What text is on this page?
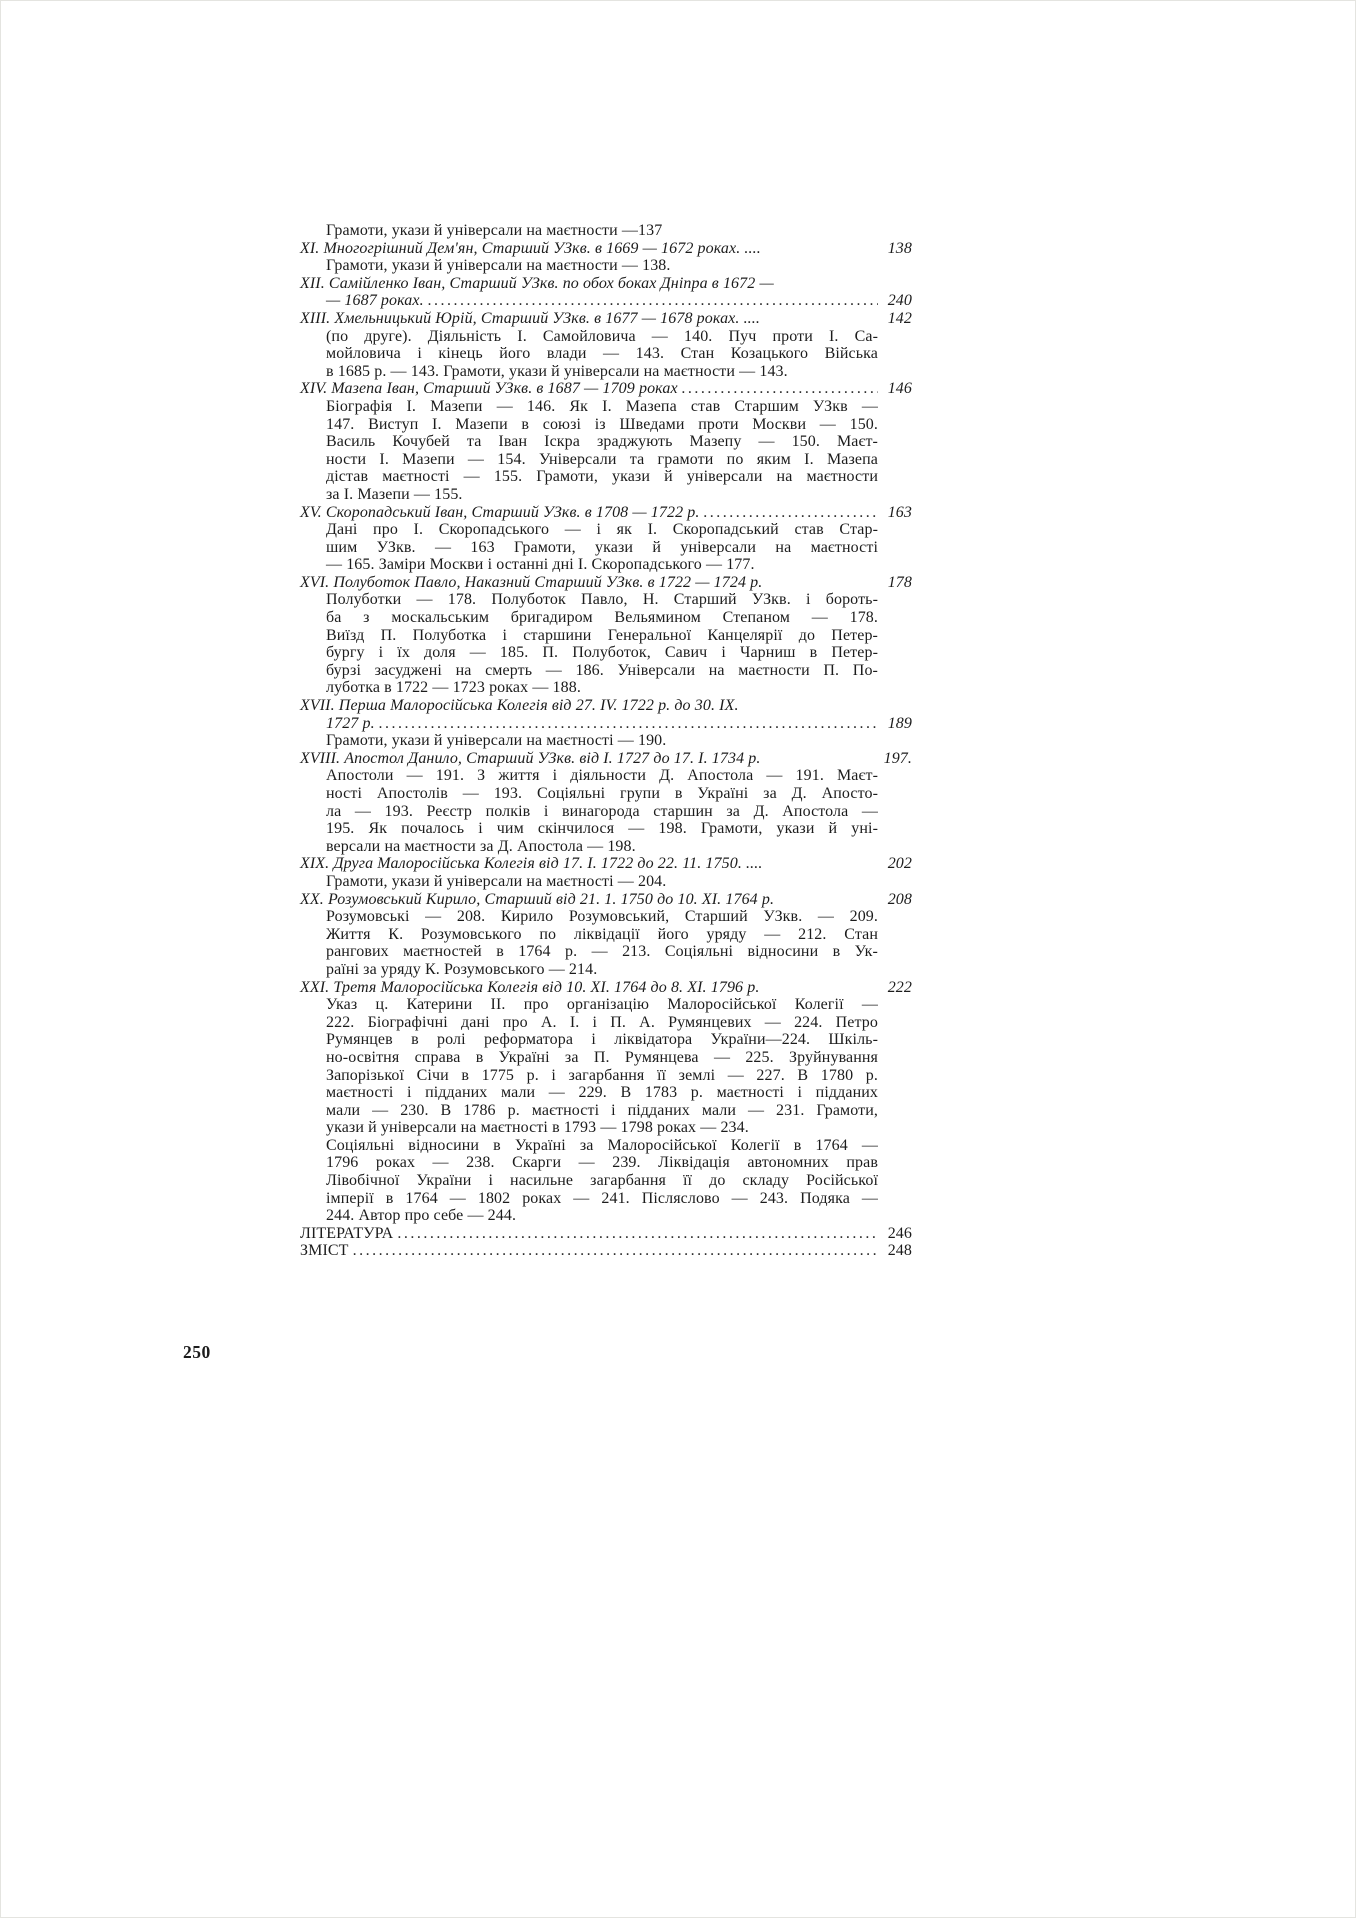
Грамоти, укази й універсали на маєтности —137
XI. Многогрішний Дем'ян, Старший УЗкв. в 1669 — 1672 роках. ....	138
Грамоти, укази й універсали на маєтности — 138.
XII. Самійленко Іван, Старший УЗкв. по обох боках Дніпра в 1672 —
— 1687 роках. .....	240
XIII. Хмельницький Юрій, Старший УЗкв. в 1677 — 1678 роках. ....	142
(по друге). Діяльність І. Самойловича — 140. Пуч проти І. Са-
мойловича і кінець його влади — 143. Стан Козацького Війська
в 1685 р. — 143. Грамоти, укази й універсали на маєтности — 143.
XIV. Мазепа Іван, Старший УЗкв. в 1687 — 1709 роках .....	146
Біографія І. Мазепи — 146. Як І. Мазепа став Старшим УЗкв —
147. Виступ І. Мазепи в союзі із Шведами проти Москви — 150.
Василь Кочубей та Іван Іскра зраджують Мазепу — 150. Маєт-
ности І. Мазепи — 154. Універсали та грамоти по яким І. Мазепа
дістав маєтності — 155. Грамоти, укази й універсали на маєтности
за І. Мазепи — 155.
XV. Скоропадський Іван, Старший УЗкв. в 1708 — 1722 р. .....	163
Дані про І. Скоропадського — і як І. Скоропадський став Стар-
шим УЗкв. — 163 Грамоти, укази й універсали на маєтності
— 165. Заміри Москви і останні дні І. Скоропадського — 177.
XVI. Полуботок Павло, Наказний Старший УЗкв. в 1722 — 1724 р.	178
Полуботки — 178. Полуботок Павло, Н. Старший УЗкв. і бороть-
ба з москальським бригадиром Вельямином Степаном — 178.
Виїзд П. Полуботка і старшини Генеральної Канцелярії до Петер-
бургу і їх доля — 185. П. Полуботок, Савич і Чарниш в Петер-
бурзі засуджені на смерть — 186. Універсали на маєтности П. По-
луботка в 1722 — 1723 роках — 188.
XVII. Перша Малоросійська Колегія від 27. IV. 1722 р. до 30. IX.
1727 р. .....	189
Грамоти, укази й універсали на маєтності — 190.
XVIII. Апостол Данило, Старший УЗкв. від І. 1727 до 17. І. 1734 р.	197.
Апостоли — 191. З життя і діяльности Д. Апостола — 191. Маєт-
ності Апостолів — 193. Соціяльні групи в Україні за Д. Апосто-
ла — 193. Реєстр полків і винагорода старшин за Д. Апостола —
195. Як почалось і чим скінчилося — 198. Грамоти, укази й уні-
версали на маєтности за Д. Апостола — 198.
XIX. Друга Малоросійська Колегія від 17. І. 1722 до 22. 11. 1750. ....	202
Грамоти, укази й універсали на маєтності — 204.
XX. Розумовський Кирило, Старший від 21. 1. 1750 до 10. XI. 1764 р.	208
Розумовські — 208. Кирило Розумовський, Старший УЗкв. — 209.
Життя К. Розумовського по ліквідації його уряду — 212. Стан
рангових маєтностей в 1764 р. — 213. Соціяльні відносини в Ук-
раїні за уряду К. Розумовського — 214.
XXI. Третя Малоросійська Колегія від 10. XI. 1764 до 8. XI. 1796 р.	222
Указ ц. Катерини II. про організацію Малоросійської Колегії —
222. Біографічні дані про А. І. і П. А. Румянцевих — 224. Петро
Румянцев в ролі реформатора і ліквідатора України—224. Шкіль-
но-освітня справа в Україні за П. Румянцева — 225. Зруйнування
Запорізької Січи в 1775 р. і загарбання її землі — 227. В 1780 р.
маєтності і підданих мали — 229. В 1783 р. маєтності і підданих
мали — 230. В 1786 р. маєтності і підданих мали — 231. Грамоти,
укази й універсали на маєтності в 1793 — 1798 роках — 234.
Соціяльні відносини в Україні за Малоросійської Колегії в 1764 —
1796 роках — 238. Скарги — 239. Ліквідація автономних прав
Лівобічної України і насильне загарбання її до складу Російської
імперії в 1764 — 1802 роках — 241. Післяслово — 243. Подяка —
244. Автор про себе — 244.
ЛІТЕРАТУРА .....	246
ЗМІСТ .....	248
250
